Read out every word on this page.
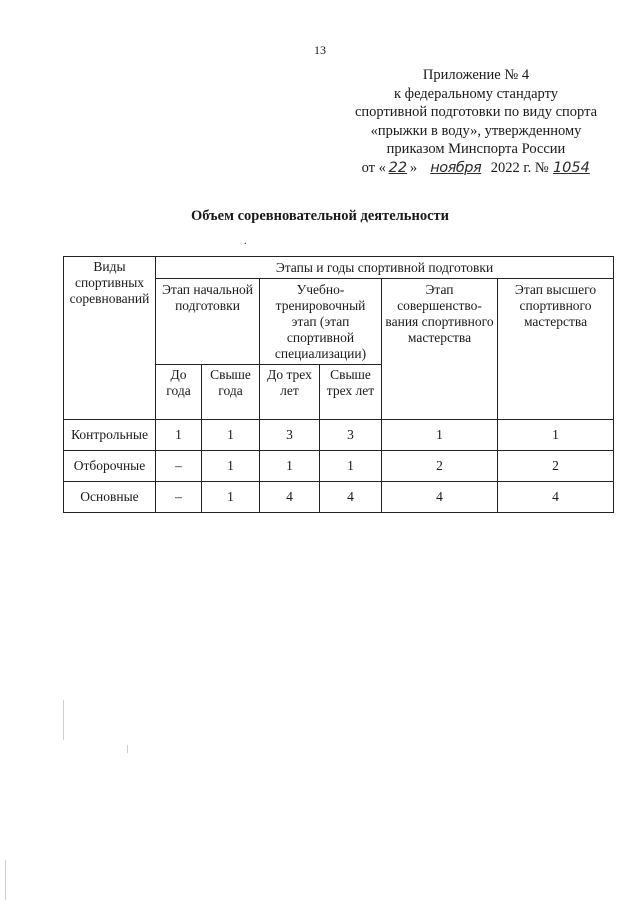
13
Приложение № 4
к федеральному стандарту
спортивной подготовки по виду спорта
«прыжки в воду», утвержденному
приказом Минспорта России
от « 22 » ноября 2022 г. № 1054
Объем соревновательной деятельности
.
Виды спортивных соревнований	Этапы и годы спортивной подготовки					
	Этап начальной подготовки		Учебно-тренировочный этап (этап спортивной специализации)		Этап совершенство-вания спортивного мастерства	Этап высшего спортивного мастерства
	До года	Свыше года	До трех лет	Свыше трех лет		
Контрольные	1	1	3	3	1	1
Отборочные	–	1	1	1	2	2
Основные	–	1	4	4	4	4
